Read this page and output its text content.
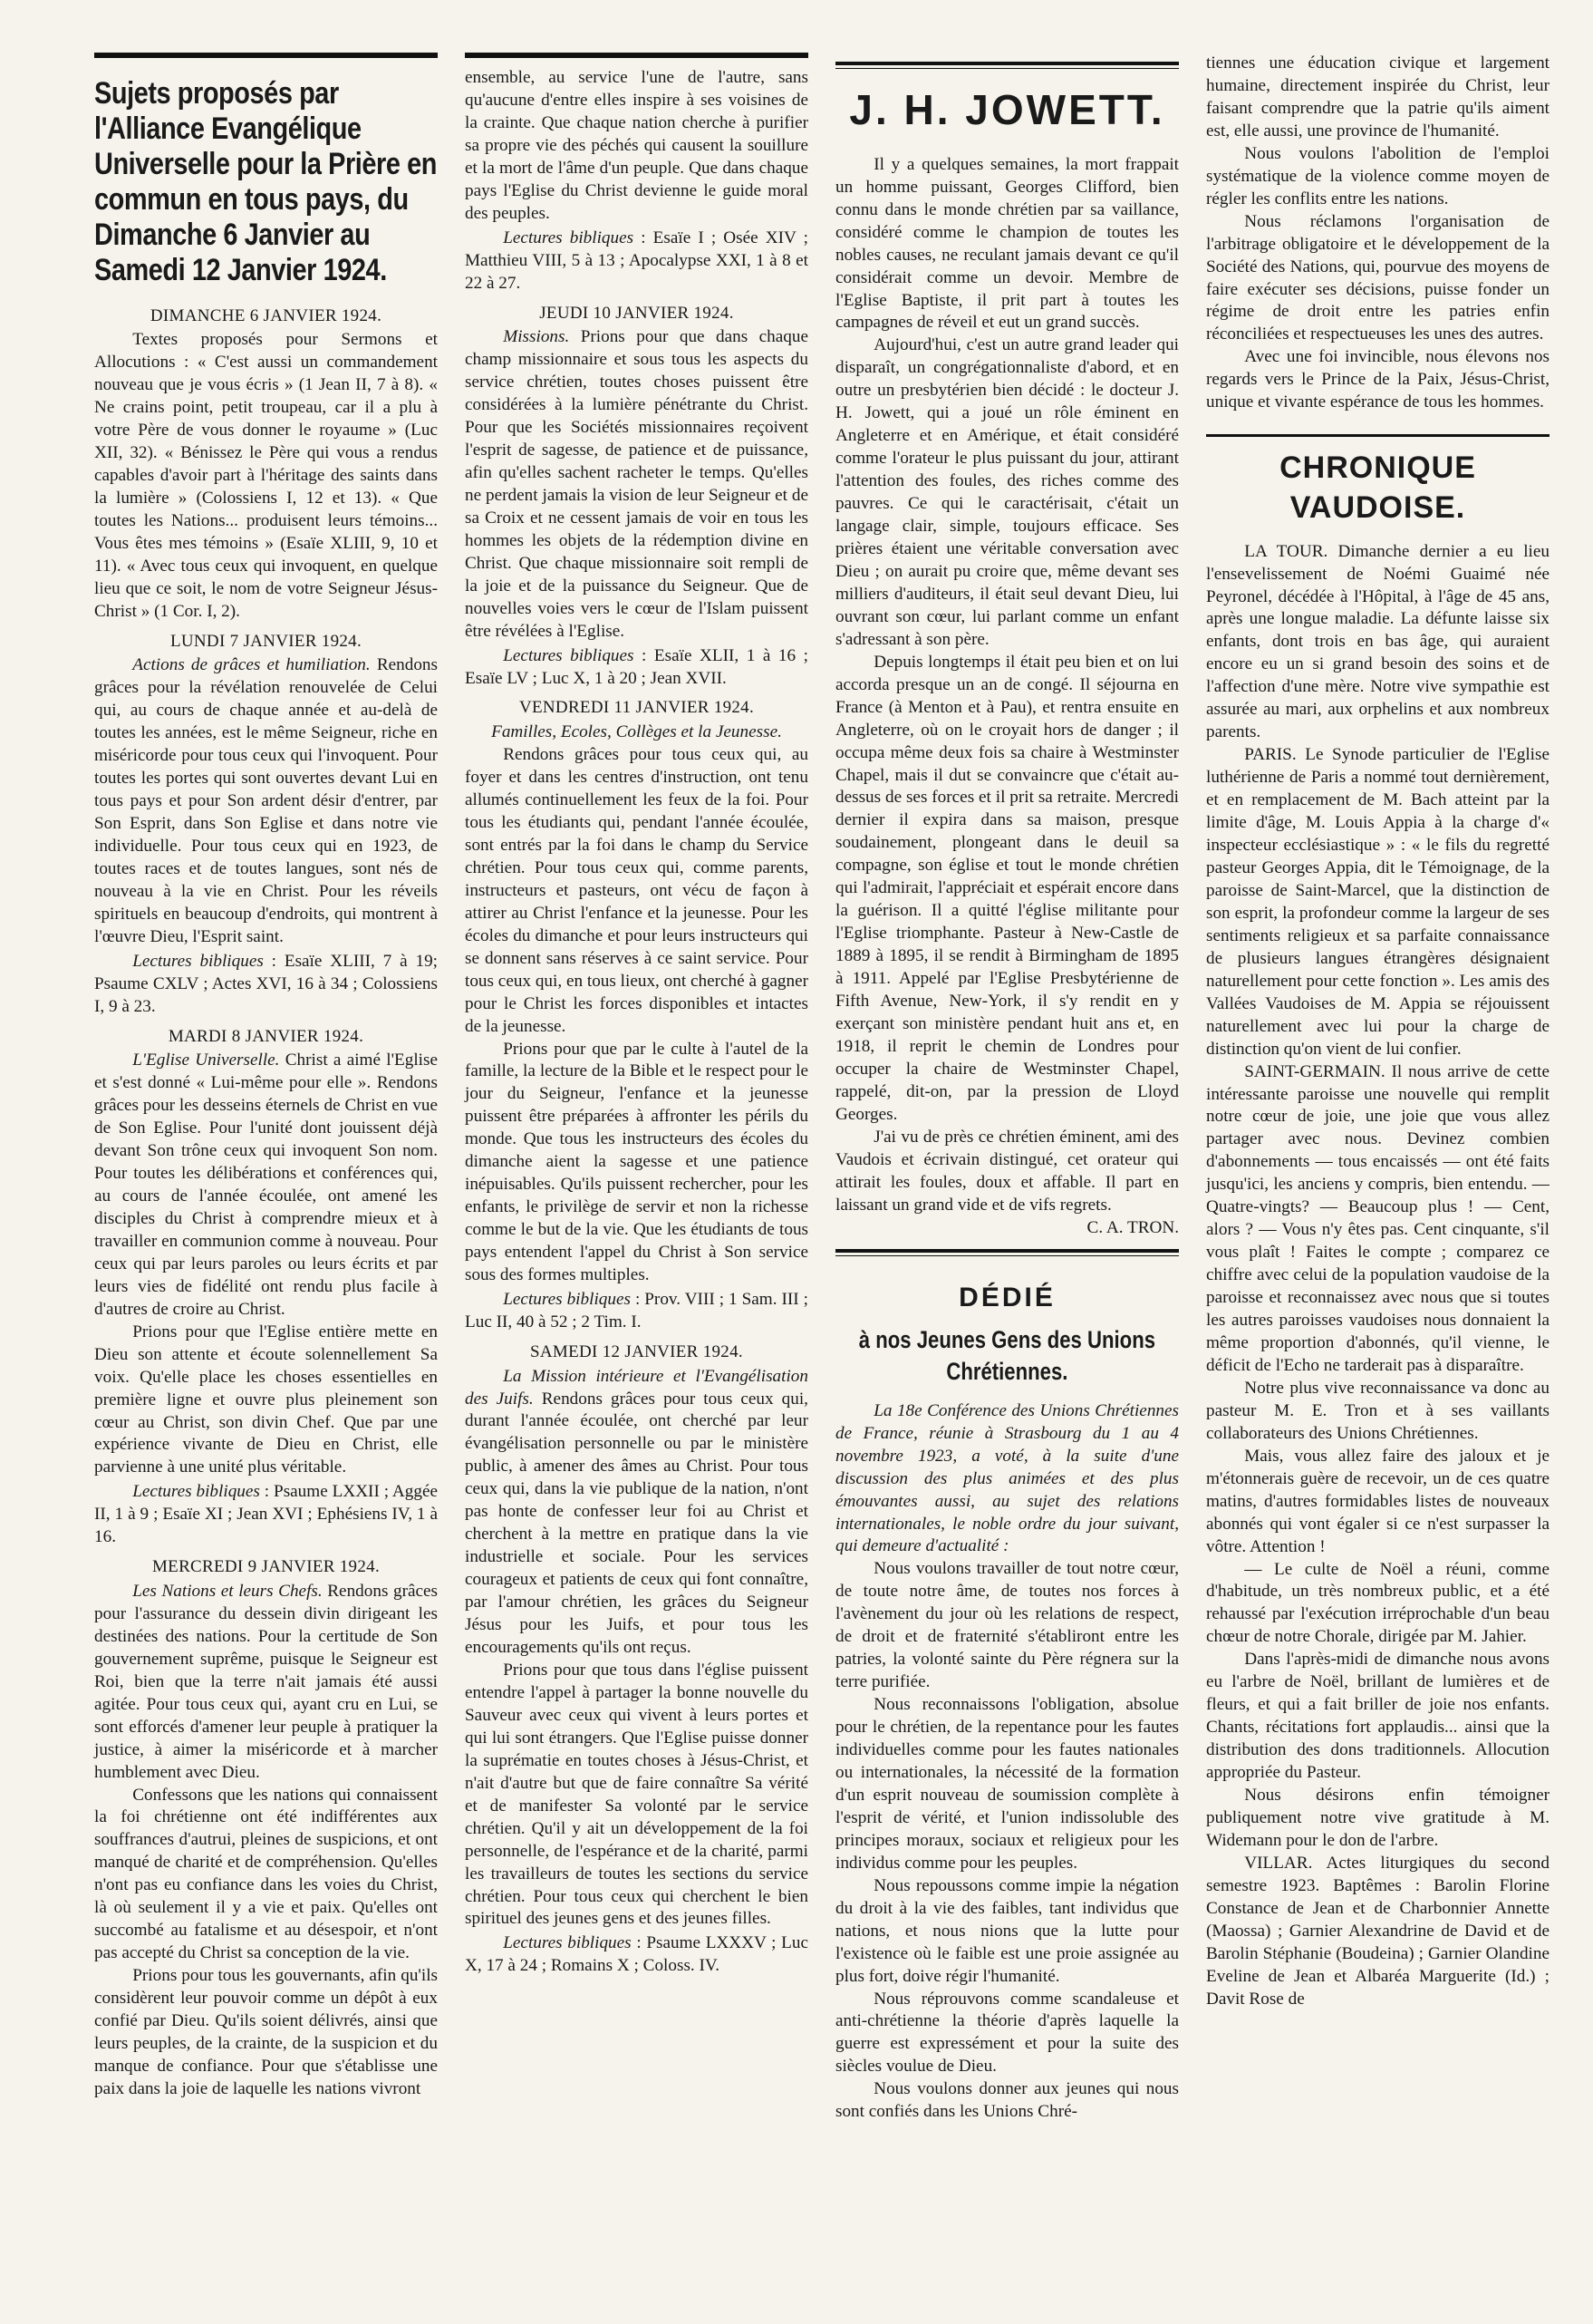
Sujets proposés par l'Alliance Evangélique Universelle pour la Prière en commun en tous pays, du Dimanche 6 Janvier au Samedi 12 Janvier 1924.
DIMANCHE 6 JANVIER 1924.

Textes proposés pour Sermons et Allocutions : « C'est aussi un commandement nouveau que je vous écris » (1 Jean II, 7 à 8). « Ne crains point, petit troupeau, car il a plu à votre Père de vous donner le royaume » (Luc XII, 32). « Bénissez le Père qui vous a rendus capables d'avoir part à l'héritage des saints dans la lumière » (Colossiens I, 12 et 13). « Que toutes les Nations... produisent leurs témoins... Vous êtes mes témoins » (Esaïe XLIII, 9, 10 et 11). « Avec tous ceux qui invoquent, en quelque lieu que ce soit, le nom de votre Seigneur Jésus-Christ » (1 Cor. I, 2).

LUNDI 7 JANVIER 1924.

Actions de grâces et humiliation. Rendons grâces pour la révélation renouvelée de Celui qui, au cours de chaque année et au-delà de toutes les années, est le même Seigneur, riche en miséricorde pour tous ceux qui l'invoquent. Pour toutes les portes qui sont ouvertes devant Lui en tous pays et pour Son ardent désir d'entrer, par Son Esprit, dans Son Eglise et dans notre vie individuelle. Pour tous ceux qui en 1923, de toutes races et de toutes langues, sont nés de nouveau à la vie en Christ. Pour les réveils spirituels en beaucoup d'endroits, qui montrent à l'œuvre Dieu, l'Esprit saint.

Lectures bibliques : Esaïe XLIII, 7 à 19; Psaume CXLV ; Actes XVI, 16 à 34 ; Colossiens I, 9 à 23.

MARDI 8 JANVIER 1924.

L'Eglise Universelle. Christ a aimé l'Eglise et s'est donné « Lui-même pour elle ». Rendons grâces pour les desseins éternels de Christ en vue de Son Eglise. Pour l'unité dont jouissent déjà devant Son trône ceux qui invoquent Son nom. Pour toutes les délibérations et conférences qui, au cours de l'année écoulée, ont amené les disciples du Christ à comprendre mieux et à travailler en communion comme à nouveau. Pour ceux qui par leurs paroles ou leurs écrits et par leurs vies de fidélité ont rendu plus facile à d'autres de croire au Christ.

Prions pour que l'Eglise entière mette en Dieu son attente et écoute solennellement Sa voix. Qu'elle place les choses essentielles en première ligne et ouvre plus pleinement son cœur au Christ, son divin Chef. Que par une expérience vivante de Dieu en Christ, elle parvienne à une unité plus véritable.

Lectures bibliques : Psaume LXXII ; Aggée II, 1 à 9 ; Esaïe XI ; Jean XVI ; Ephésiens IV, 1 à 16.

MERCREDI 9 JANVIER 1924.

Les Nations et leurs Chefs. Rendons grâces pour l'assurance du dessein divin dirigeant les destinées des nations. Pour la certitude de Son gouvernement suprême, puisque le Seigneur est Roi, bien que la terre n'ait jamais été aussi agitée. Pour tous ceux qui, ayant cru en Lui, se sont efforcés d'amener leur peuple à pratiquer la justice, à aimer la miséricorde et à marcher humblement avec Dieu.

Confessons que les nations qui connaissent la foi chrétienne ont été indifférentes aux souffrances d'autrui, pleines de suspicions, et ont manqué de charité et de compréhension. Qu'elles n'ont pas eu confiance dans les voies du Christ, là où seulement il y a vie et paix. Qu'elles ont succombé au fatalisme et au désespoir, et n'ont pas accepté du Christ sa conception de la vie.

Prions pour tous les gouvernants, afin qu'ils considèrent leur pouvoir comme un dépôt à eux confié par Dieu. Qu'ils soient délivrés, ainsi que leurs peuples, de la crainte, de la suspicion et du manque de confiance. Pour que s'établisse une paix dans la joie de laquelle les nations vivront

ensemble, au service l'une de l'autre, sans qu'aucune d'entre elles inspire à ses voisines de la crainte. Que chaque nation cherche à purifier sa propre vie des péchés qui causent la souillure et la mort de l'âme d'un peuple. Que dans chaque pays l'Eglise du Christ devienne le guide moral des peuples.

Lectures bibliques : Esaïe I ; Osée XIV ; Matthieu VIII, 5 à 13 ; Apocalypse XXI, 1 à 8 et 22 à 27.

JEUDI 10 JANVIER 1924.

Missions. Prions pour que dans chaque champ missionnaire et sous tous les aspects du service chrétien, toutes choses puissent être considérées à la lumière pénétrante du Christ. Pour que les Sociétés missionnaires reçoivent l'esprit de sagesse, de patience et de puissance, afin qu'elles sachent racheter le temps. Qu'elles ne perdent jamais la vision de leur Seigneur et de sa Croix et ne cessent jamais de voir en tous les hommes les objets de la rédemption divine en Christ. Que chaque missionnaire soit rempli de la joie et de la puissance du Seigneur. Que de nouvelles voies vers le cœur de l'Islam puissent être révélées à l'Eglise.

Lectures bibliques : Esaïe XLII, 1 à 16 ; Esaïe LV ; Luc X, 1 à 20 ; Jean XVII.

VENDREDI 11 JANVIER 1924.

Familles, Ecoles, Collèges et la Jeunesse.

Rendons grâces pour tous ceux qui, au foyer et dans les centres d'instruction, ont tenu allumés continuellement les feux de la foi. Pour tous les étudiants qui, pendant l'année écoulée, sont entrés par la foi dans le champ du Service chrétien. Pour tous ceux qui, comme parents, instructeurs et pasteurs, ont vécu de façon à attirer au Christ l'enfance et la jeunesse. Pour les écoles du dimanche et pour leurs instructeurs qui se donnent sans réserves à ce saint service. Pour tous ceux qui, en tous lieux, ont cherché à gagner pour le Christ les forces disponibles et intactes de la jeunesse.

Prions pour que par le culte à l'autel de la famille, la lecture de la Bible et le respect pour le jour du Seigneur, l'enfance et la jeunesse puissent être préparées à affronter les périls du monde. Que tous les instructeurs des écoles du dimanche aient la sagesse et une patience inépuisables. Qu'ils puissent rechercher, pour les enfants, le privilège de servir et non la richesse comme le but de la vie. Que les étudiants de tous pays entendent l'appel du Christ à Son service sous des formes multiples.

Lectures bibliques : Prov. VIII ; 1 Sam. III ; Luc II, 40 à 52 ; 2 Tim. I.

SAMEDI 12 JANVIER 1924.

La Mission intérieure et l'Evangélisation des Juifs. Rendons grâces pour tous ceux qui, durant l'année écoulée, ont cherché par leur évangélisation personnelle ou par le ministère public, à amener des âmes au Christ. Pour tous ceux qui, dans la vie publique de la nation, n'ont pas honte de confesser leur foi au Christ et cherchent à la mettre en pratique dans la vie industrielle et sociale. Pour les services courageux et patients de ceux qui font connaître, par l'amour chrétien, les grâces du Seigneur Jésus pour les Juifs, et pour tous les encouragements qu'ils ont reçus.

Prions pour que tous dans l'église puissent entendre l'appel à partager la bonne nouvelle du Sauveur avec ceux qui vivent à leurs portes et qui lui sont étrangers. Que l'Eglise puisse donner la suprématie en toutes choses à Jésus-Christ, et n'ait d'autre but que de faire connaître Sa vérité et de manifester Sa volonté par le service chrétien. Qu'il y ait un développement de la foi personnelle, de l'espérance et de la charité, parmi les travailleurs de toutes les sections du service chrétien. Pour tous ceux qui cherchent le bien spirituel des jeunes gens et des jeunes filles.

Lectures bibliques : Psaume LXXXV ; Luc X, 17 à 24 ; Romains X ; Coloss. IV.

J. H. JOWETT.

Il y a quelques semaines, la mort frappait un homme puissant, Georges Clifford, bien connu dans le monde chrétien par sa vaillance, considéré comme le champion de toutes les nobles causes, ne reculant jamais devant ce qu'il considérait comme un devoir. Membre de l'Eglise Baptiste, il prit part à toutes les campagnes de réveil et eut un grand succès.

Aujourd'hui, c'est un autre grand leader qui disparaît, un congrégationnaliste d'abord, et en outre un presbytérien bien décidé : le docteur J. H. Jowett, qui a joué un rôle éminent en Angleterre et en Amérique, et était considéré comme l'orateur le plus puissant du jour, attirant l'attention des foules, des riches comme des pauvres. Ce qui le caractérisait, c'était un langage clair, simple, toujours efficace. Ses prières étaient une véritable conversation avec Dieu ; on aurait pu croire que, même devant ses milliers d'auditeurs, il était seul devant Dieu, lui ouvrant son cœur, lui parlant comme un enfant s'adressant à son père.

Depuis longtemps il était peu bien et on lui accorda presque un an de congé. Il séjourna en France (à Menton et à Pau), et rentra ensuite en Angleterre, où on le croyait hors de danger ; il occupa même deux fois sa chaire à Westminster Chapel, mais il dut se convaincre que c'était au-dessus de ses forces et il prit sa retraite. Mercredi dernier il expira dans sa maison, presque soudainement, plongeant dans le deuil sa compagne, son église et tout le monde chrétien qui l'admirait, l'appréciait et espérait encore dans la guérison. Il a quitté l'église militante pour l'Eglise triomphante. Pasteur à New-Castle de 1889 à 1895, il se rendit à Birmingham de 1895 à 1911. Appelé par l'Eglise Presbytérienne de Fifth Avenue, New-York, il s'y rendit en y exerçant son ministère pendant huit ans et, en 1918, il reprit le chemin de Londres pour occuper la chaire de Westminster Chapel, rappelé, dit-on, par la pression de Lloyd Georges.

J'ai vu de près ce chrétien éminent, ami des Vaudois et écrivain distingué, cet orateur qui attirait les foules, doux et affable. Il part en laissant un grand vide et de vifs regrets.

C. A. TRON.

DÉDIÉ
à nos Jeunes Gens des Unions Chrétiennes.

La 18e Conférence des Unions Chrétiennes de France, réunie à Strasbourg du 1 au 4 novembre 1923, a voté, à la suite d'une discussion des plus animées et des plus émouvantes aussi, au sujet des relations internationales, le noble ordre du jour suivant, qui demeure d'actualité :

Nous voulons travailler de tout notre cœur, de toute notre âme, de toutes nos forces à l'avènement du jour où les relations de respect, de droit et de fraternité s'établiront entre les patries, la volonté sainte du Père régnera sur la terre purifiée.

Nous reconnaissons l'obligation, absolue pour le chrétien, de la repentance pour les fautes individuelles comme pour les fautes nationales ou internationales, la nécessité de la formation d'un esprit nouveau de soumission complète à l'esprit de vérité, et l'union indissoluble des principes moraux, sociaux et religieux pour les individus comme pour les peuples.

Nous repoussons comme impie la négation du droit à la vie des faibles, tant individus que nations, et nous nions que la lutte pour l'existence où le faible est une proie assignée au plus fort, doive régir l'humanité.

Nous réprouvons comme scandaleuse et anti-chrétienne la théorie d'après laquelle la guerre est expressément et pour la suite des siècles voulue de Dieu.

Nous voulons donner aux jeunes qui nous sont confiés dans les Unions Chré-

tiennes une éducation civique et largement humaine, directement inspirée du Christ, leur faisant comprendre que la patrie qu'ils aiment est, elle aussi, une province de l'humanité.

Nous voulons l'abolition de l'emploi systématique de la violence comme moyen de régler les conflits entre les nations.

Nous réclamons l'organisation de l'arbitrage obligatoire et le développement de la Société des Nations, qui, pourvue des moyens de faire exécuter ses décisions, puisse fonder un régime de droit entre les patries enfin réconciliées et respectueuses les unes des autres.

Avec une foi invincible, nous élevons nos regards vers le Prince de la Paix, Jésus-Christ, unique et vivante espérance de tous les hommes.

CHRONIQUE VAUDOISE.

LA TOUR. Dimanche dernier a eu lieu l'ensevelissement de Noémi Guaimé née Peyronel, décédée à l'Hôpital, à l'âge de 45 ans, après une longue maladie. La défunte laisse six enfants, dont trois en bas âge, qui auraient encore eu un si grand besoin des soins et de l'affection d'une mère. Notre vive sympathie est assurée au mari, aux orphelins et aux nombreux parents.

PARIS. Le Synode particulier de l'Eglise luthérienne de Paris a nommé tout dernièrement, et en remplacement de M. Bach atteint par la limite d'âge, M. Louis Appia à la charge d'« inspecteur ecclésiastique » : « le fils du regretté pasteur Georges Appia, dit le Témoignage, de la paroisse de Saint-Marcel, que la distinction de son esprit, la profondeur comme la largeur de ses sentiments religieux et sa parfaite connaissance de plusieurs langues étrangères désignaient naturellement pour cette fonction ». Les amis des Vallées Vaudoises de M. Appia se réjouissent naturellement avec lui pour la charge de distinction qu'on vient de lui confier.

SAINT-GERMAIN. Il nous arrive de cette intéressante paroisse une nouvelle qui remplit notre cœur de joie, une joie que vous allez partager avec nous. Devinez combien d'abonnements — tous encaissés — ont été faits jusqu'ici, les anciens y compris, bien entendu. — Quatre-vingts? — Beaucoup plus ! — Cent, alors ? — Vous n'y êtes pas. Cent cinquante, s'il vous plaît ! Faites le compte ; comparez ce chiffre avec celui de la population vaudoise de la paroisse et reconnaissez avec nous que si toutes les autres paroisses vaudoises nous donnaient la même proportion d'abonnés, qu'il vienne, le déficit de l'Echo ne tarderait pas à disparaître.

Notre plus vive reconnaissance va donc au pasteur M. E. Tron et à ses vaillants collaborateurs des Unions Chrétiennes.

Mais, vous allez faire des jaloux et je m'étonnerais guère de recevoir, un de ces quatre matins, d'autres formidables listes de nouveaux abonnés qui vont égaler si ce n'est surpasser la vôtre. Attention !

— Le culte de Noël a réuni, comme d'habitude, un très nombreux public, et a été rehaussé par l'exécution irréprochable d'un beau chœur de notre Chorale, dirigée par M. Jahier.

Dans l'après-midi de dimanche nous avons eu l'arbre de Noël, brillant de lumières et de fleurs, et qui a fait briller de joie nos enfants. Chants, récitations fort applaudis... ainsi que la distribution des dons traditionnels. Allocution appropriée du Pasteur.

Nous désirons enfin témoigner publiquement notre vive gratitude à M. Widemann pour le don de l'arbre.

VILLAR. Actes liturgiques du second semestre 1923. Baptêmes : Barolin Florine Constance de Jean et de Charbonnier Annette (Maossa) ; Garnier Alexandrine de David et de Barolin Stéphanie (Boudeina) ; Garnier Olandine Eveline de Jean et Albaréa Marguerite (Id.) ; Davit Rose de
